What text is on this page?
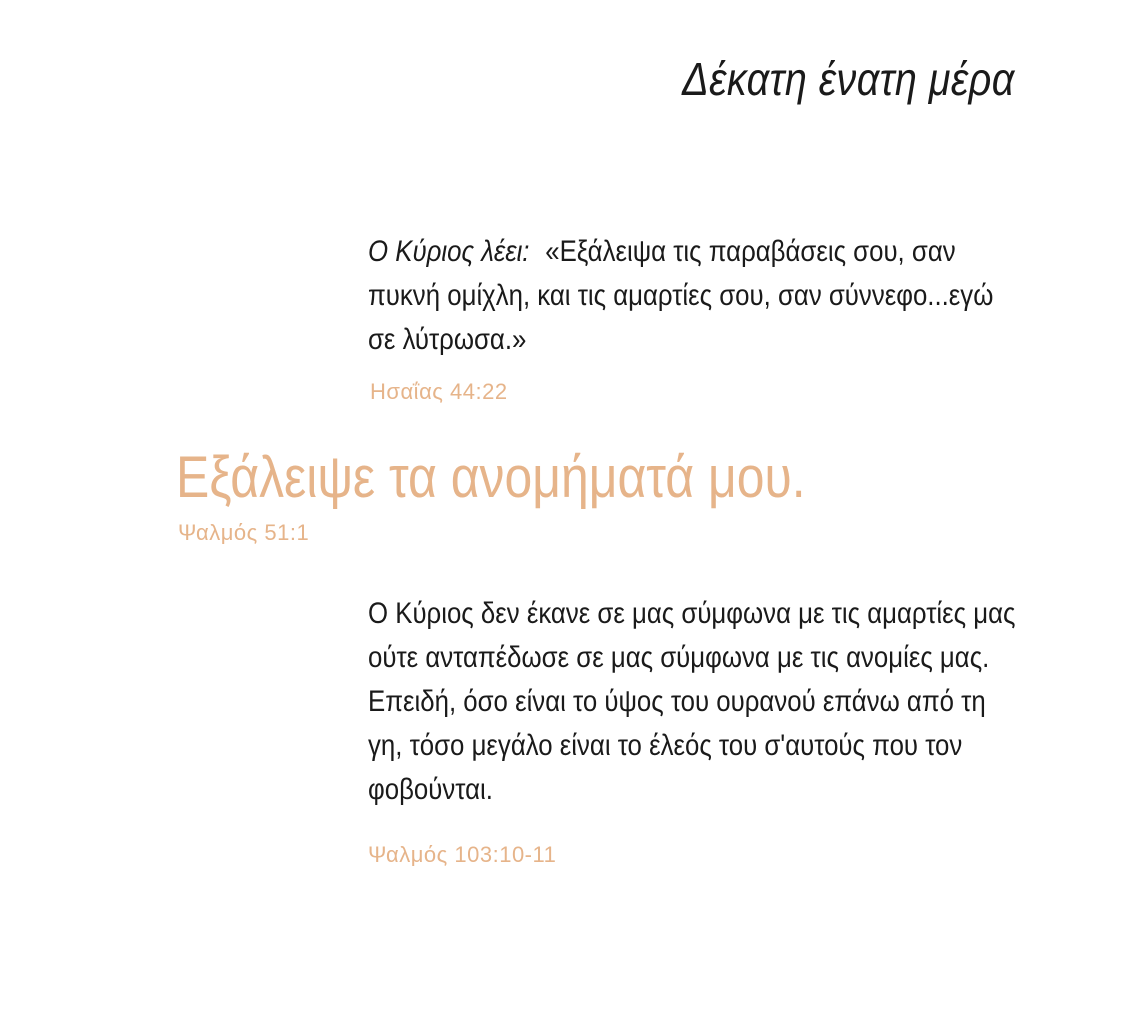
Δέκατη ένατη μέρα
Ο Κύριος λέει: «Εξάλειψα τις παραβάσεις σου, σαν πυκνή ομίχλη, και τις αμαρτίες σου, σαν σύννεφο...εγώ σε λύτρωσα.»
Ησαΐας 44:22
Εξάλειψε τα ανομήματά μου.
Ψαλμός 51:1
Ο Κύριος δεν έκανε σε μας σύμφωνα με τις αμαρτίες μας ούτε ανταπέδωσε σε μας σύμφωνα με τις ανομίες μας. Επειδή, όσο είναι το ύψος του ουρανού επάνω από τη γη, τόσο μεγάλο είναι το έλεός του σ'αυτούς που τον φοβούνται.
Ψαλμός 103:10-11
